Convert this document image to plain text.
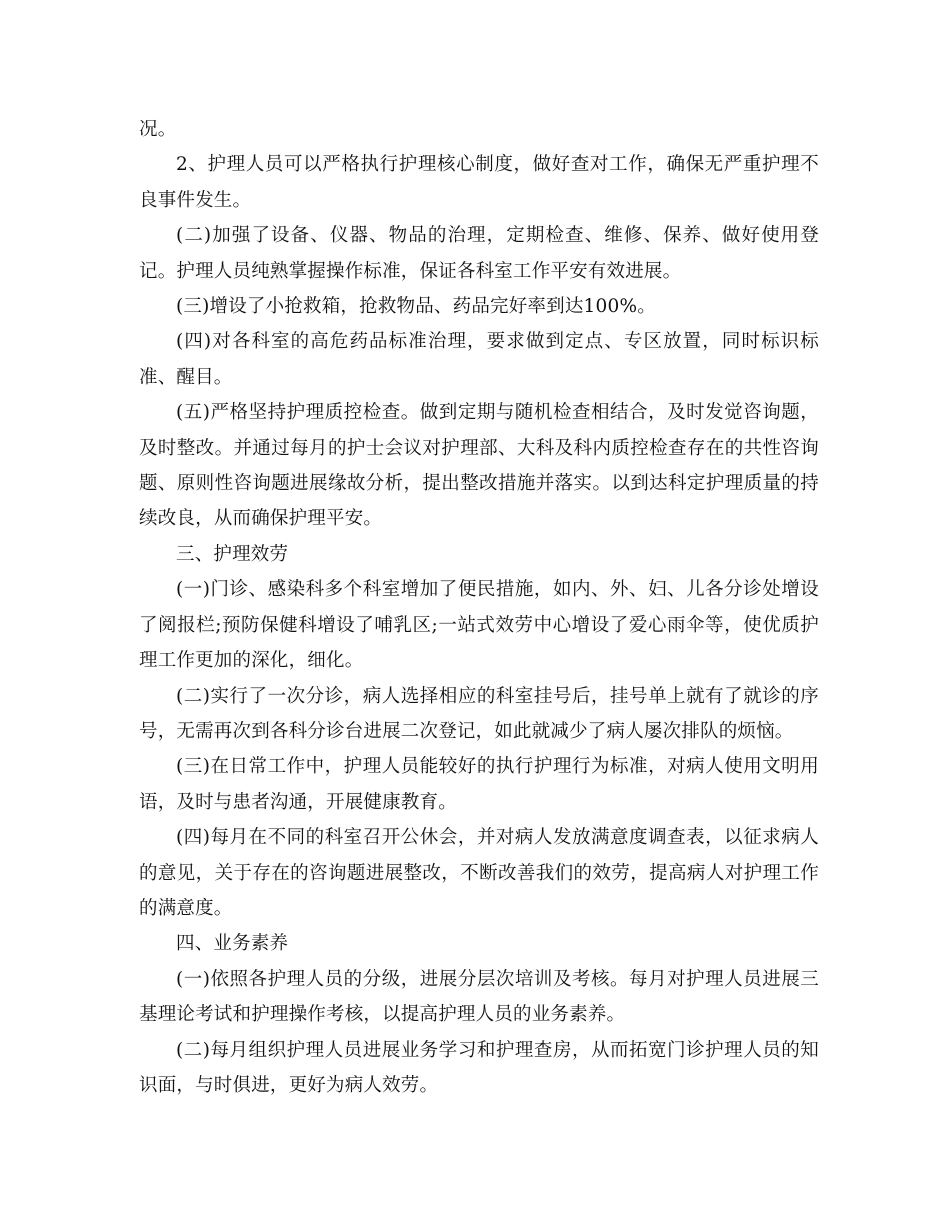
况。

2、护理人员可以严格执行护理核心制度，做好查对工作，确保无严重护理不良事件发生。

(二)加强了设备、仪器、物品的治理，定期检查、维修、保养、做好使用登记。护理人员纯熟掌握操作标准，保证各科室工作平安有效进展。

(三)增设了小抢救箱，抢救物品、药品完好率到达100%。

(四)对各科室的高危药品标准治理，要求做到定点、专区放置，同时标识标准、醒目。

(五)严格坚持护理质控检查。做到定期与随机检查相结合，及时发觉咨询题，及时整改。并通过每月的护士会议对护理部、大科及科内质控检查存在的共性咨询题、原则性咨询题进展缘故分析，提出整改措施并落实。以到达科定护理质量的持续改良，从而确保护理平安。

三、护理效劳

(一)门诊、感染科多个科室增加了便民措施，如内、外、妇、儿各分诊处增设了阅报栏;预防保健科增设了哺乳区;一站式效劳中心增设了爱心雨伞等，使优质护理工作更加的深化，细化。

(二)实行了一次分诊，病人选择相应的科室挂号后，挂号单上就有了就诊的序号，无需再次到各科分诊台进展二次登记，如此就减少了病人屡次排队的烦恼。

(三)在日常工作中，护理人员能较好的执行护理行为标准，对病人使用文明用语，及时与患者沟通，开展健康教育。

(四)每月在不同的科室召开公休会，并对病人发放满意度调查表，以征求病人的意见，关于存在的咨询题进展整改，不断改善我们的效劳，提高病人对护理工作的满意度。

四、业务素养

(一)依照各护理人员的分级，进展分层次培训及考核。每月对护理人员进展三基理论考试和护理操作考核，以提高护理人员的业务素养。

(二)每月组织护理人员进展业务学习和护理查房，从而拓宽门诊护理人员的知识面，与时俱进，更好为病人效劳。
